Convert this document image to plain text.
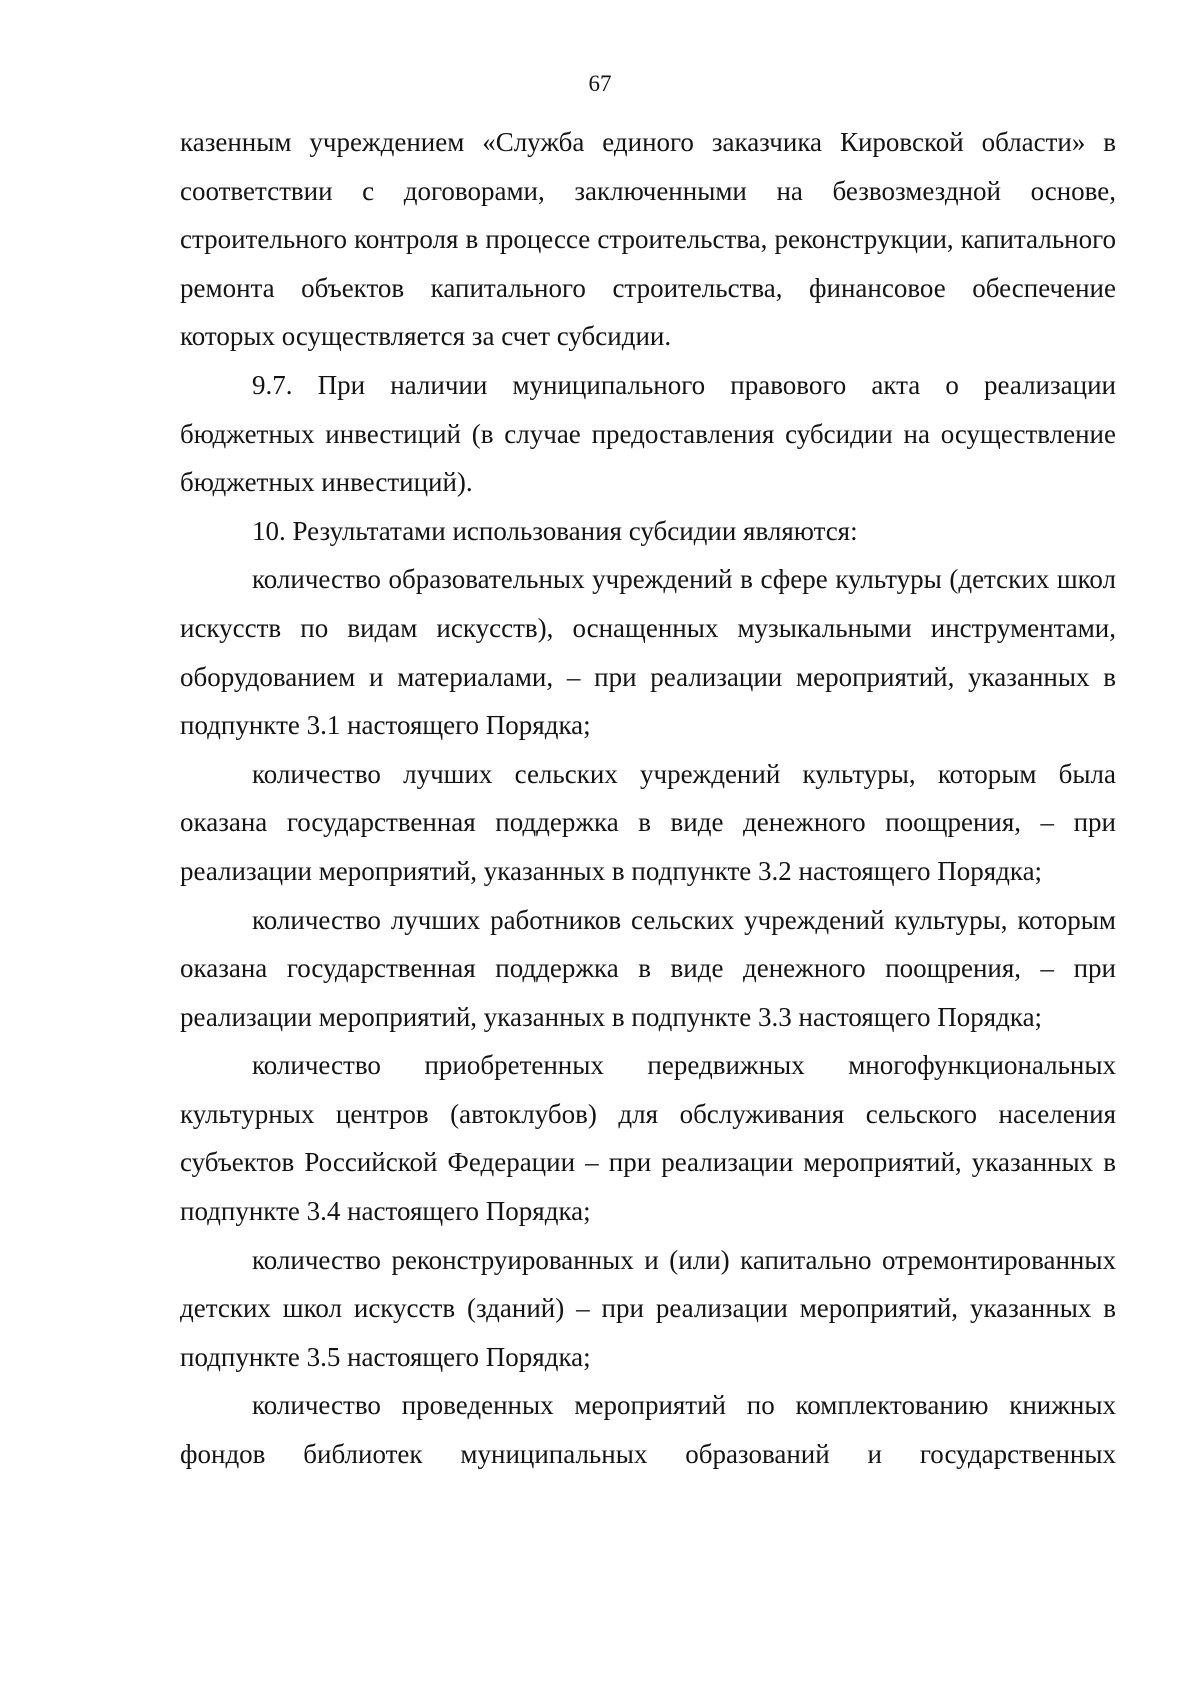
67

казенным учреждением «Служба единого заказчика Кировской области» в соответствии с договорами, заключенными на безвозмездной основе, строительного контроля в процессе строительства, реконструкции, капитального ремонта объектов капитального строительства, финансовое обеспечение которых осуществляется за счет субсидии.

9.7. При наличии муниципального правового акта о реализации бюджетных инвестиций (в случае предоставления субсидии на осуществление бюджетных инвестиций).

10. Результатами использования субсидии являются:

количество образовательных учреждений в сфере культуры (детских школ искусств по видам искусств), оснащенных музыкальными инструментами, оборудованием и материалами, – при реализации мероприятий, указанных в подпункте 3.1 настоящего Порядка;

количество лучших сельских учреждений культуры, которым была оказана государственная поддержка в виде денежного поощрения, – при реализации мероприятий, указанных в подпункте 3.2 настоящего Порядка;

количество лучших работников сельских учреждений культуры, которым оказана государственная поддержка в виде денежного поощрения, – при реализации мероприятий, указанных в подпункте 3.3 настоящего Порядка;

количество приобретенных передвижных многофункциональных культурных центров (автоклубов) для обслуживания сельского населения субъектов Российской Федерации – при реализации мероприятий, указанных в подпункте 3.4 настоящего Порядка;

количество реконструированных и (или) капитально отремонтированных детских школ искусств (зданий) – при реализации мероприятий, указанных в подпункте 3.5 настоящего Порядка;

количество проведенных мероприятий по комплектованию книжных фондов библиотек муниципальных образований и государственных
